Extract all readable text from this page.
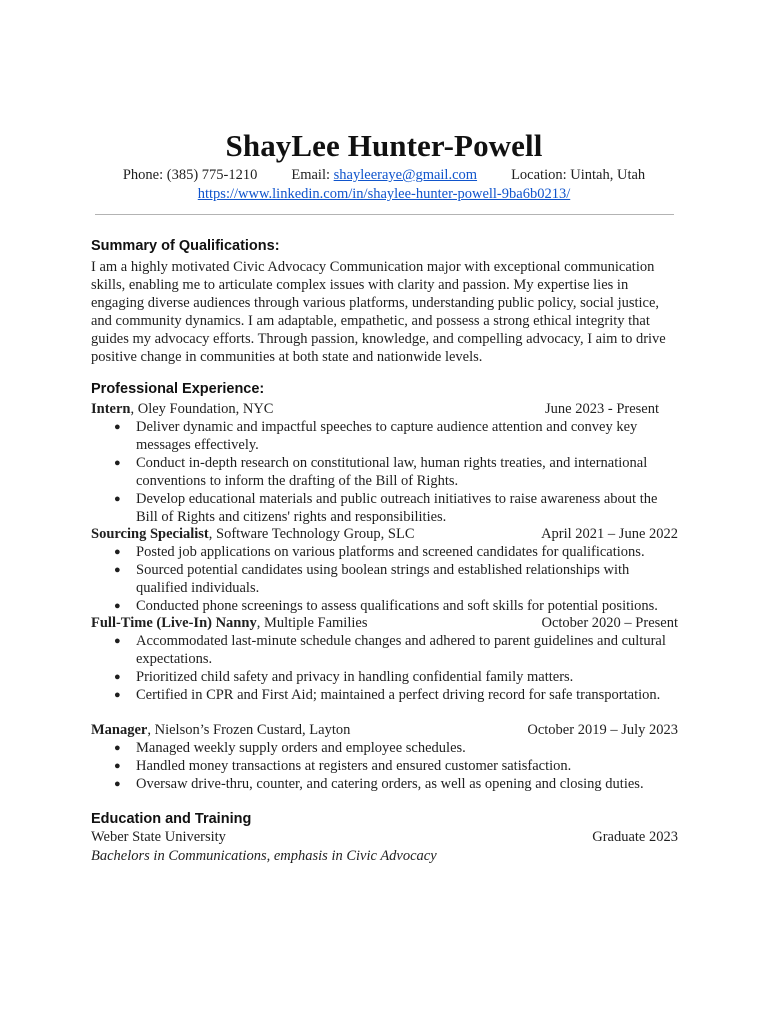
ShayLee Hunter-Powell
Phone: (385) 775-1210 Email: shayleeraye@gmail.com Location: Uintah, Utah
https://www.linkedin.com/in/shaylee-hunter-powell-9ba6b0213/
Summary of Qualifications:
I am a highly motivated Civic Advocacy Communication major with exceptional communication skills, enabling me to articulate complex issues with clarity and passion. My expertise lies in engaging diverse audiences through various platforms, understanding public policy, social justice, and community dynamics. I am adaptable, empathetic, and possess a strong ethical integrity that guides my advocacy efforts. Through passion, knowledge, and compelling advocacy, I aim to drive positive change in communities at both state and nationwide levels.
Professional Experience:
Intern, Oley Foundation, NYC	June 2023 - Present
● Deliver dynamic and impactful speeches to capture audience attention and convey key messages effectively.
● Conduct in-depth research on constitutional law, human rights treaties, and international conventions to inform the drafting of the Bill of Rights.
● Develop educational materials and public outreach initiatives to raise awareness about the Bill of Rights and citizens' rights and responsibilities.
Sourcing Specialist, Software Technology Group, SLC	April 2021 – June 2022
● Posted job applications on various platforms and screened candidates for qualifications.
● Sourced potential candidates using boolean strings and established relationships with qualified individuals.
● Conducted phone screenings to assess qualifications and soft skills for potential positions.
Full-Time (Live-In) Nanny, Multiple Families	October 2020 – Present
● Accommodated last-minute schedule changes and adhered to parent guidelines and cultural expectations.
● Prioritized child safety and privacy in handling confidential family matters.
● Certified in CPR and First Aid; maintained a perfect driving record for safe transportation.
Manager, Nielson’s Frozen Custard, Layton	October 2019 – July 2023
● Managed weekly supply orders and employee schedules.
● Handled money transactions at registers and ensured customer satisfaction.
● Oversaw drive-thru, counter, and catering orders, as well as opening and closing duties.
Education and Training
Weber State University	Graduate 2023
Bachelors in Communications, emphasis in Civic Advocacy
